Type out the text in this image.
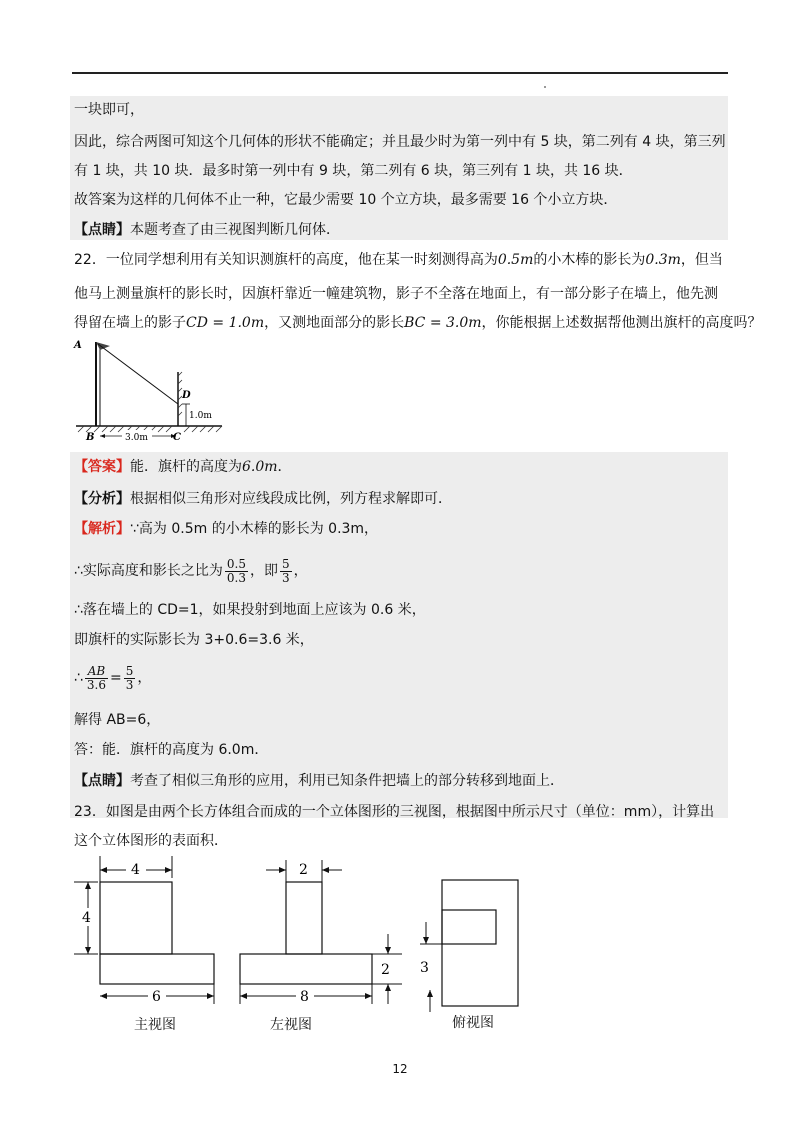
一块即可，
因此，综合两图可知这个几何体的形状不能确定；并且最少时为第一列中有 5 块，第二列有 4 块，第三列
有 1 块，共 10 块．最多时第一列中有 9 块，第二列有 6 块，第三列有 1 块，共 16 块．
故答案为这样的几何体不止一种，它最少需要 10 个立方块，最多需要 16 个小立方块．
【点睛】本题考查了由三视图判断几何体．
22．一位同学想利用有关知识测旗杆的高度，他在某一时刻测得高为0.5m的小木棒的影长为0.3m，但当
他马上测量旗杆的影长时，因旗杆靠近一幢建筑物，影子不全落在地面上，有一部分影子在墙上，他先测
得留在墙上的影子CD = 1.0m，又测地面部分的影长BC = 3.0m，你能根据上述数据帮他测出旗杆的高度吗？
A
B	C
D
1.0m
3.0m
【答案】能．旗杆的高度为6.0m．
【分析】根据相似三角形对应线段成比例，列方程求解即可．
【解析】∵高为 0.5m 的小木棒的影长为 0.3m，
∴实际高度和影长之比为 $\frac{0.5}{0.3}$ ，即 $\frac{5}{3}$ ，
∴落在墙上的 CD=1，如果投射到地面上应该为 0.6 米，
即旗杆的实际影长为 3+0.6=3.6 米，
∴ $\frac{AB}{3.6} = \frac{5}{3}$ ，
解得 AB=6，
答：能．旗杆的高度为 6.0m．
【点睛】考查了相似三角形的应用，利用已知条件把墙上的部分转移到地面上．
23．如图是由两个长方体组合而成的一个立体图形的三视图，根据图中所示尺寸（单位：mm），计算出
这个立体图形的表面积．
4
4
6
主视图
2
2
8
左视图
3
俯视图
12
